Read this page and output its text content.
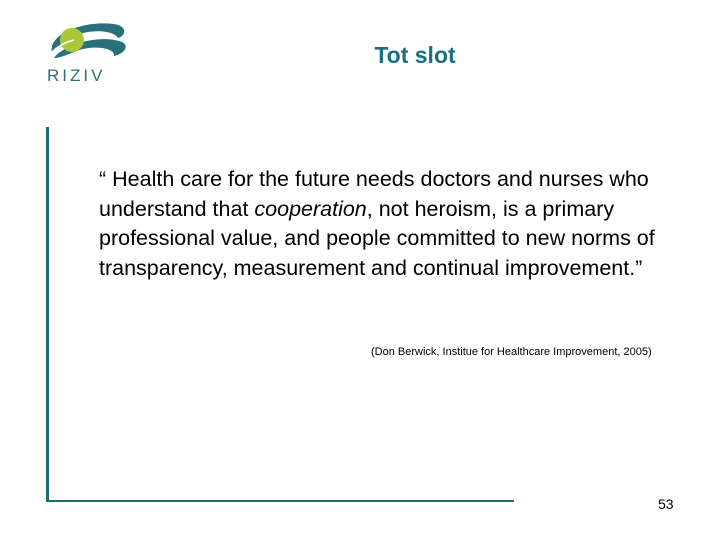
RIZIV
Tot slot
“ Health care for the future needs doctors and nurses who understand that cooperation, not heroism, is a primary professional value, and people committed to new norms of transparency, measurement and continual improvement.”
(Don Berwick, Institue for Healthcare Improvement, 2005)
53
